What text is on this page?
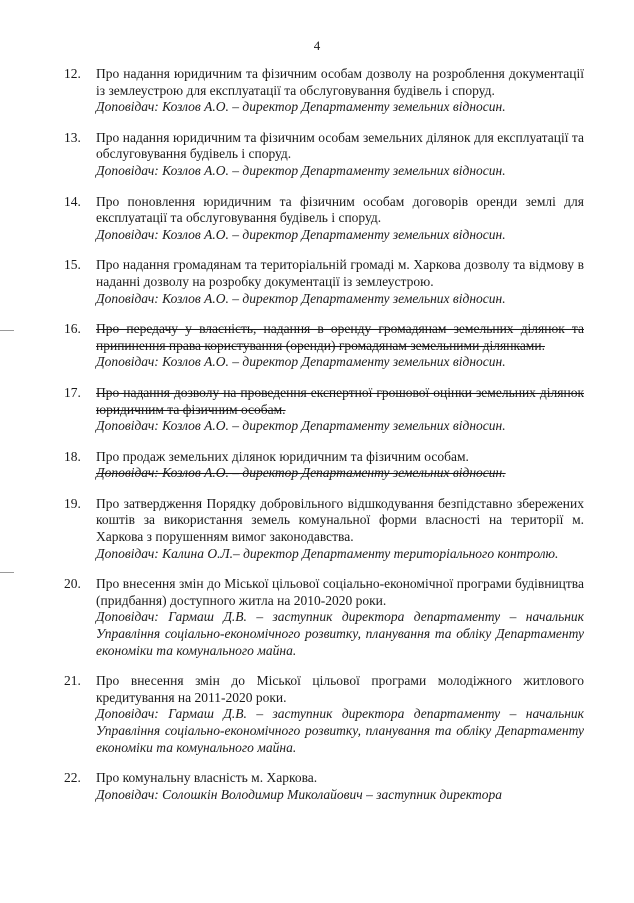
4
12.	Про надання юридичним та фізичним особам дозволу на розроблення документації із землеустрою для експлуатації та обслуговування будівель і споруд.
Доповідач: Козлов А.О. – директор Департаменту земельних відносин.
13.	Про надання юридичним та фізичним особам земельних ділянок для експлуатації та обслуговування будівель і споруд.
Доповідач: Козлов А.О. – директор Департаменту земельних відносин.
14.	Про поновлення юридичним та фізичним особам договорів оренди землі для експлуатації та обслуговування будівель і споруд.
Доповідач: Козлов А.О. – директор Департаменту земельних відносин.
15.	Про надання громадянам та територіальній громаді м. Харкова дозволу та відмову в наданні дозволу на розробку документації із землеустрою.
Доповідач: Козлов А.О. – директор Департаменту земельних відносин.
16.	Про передачу у власність, надання в оренду громадянам земельних ділянок та припинення права користування (оренди) громадянам земельними ділянками.
Доповідач: Козлов А.О. – директор Департаменту земельних відносин.
17.	Про надання дозволу на проведення експертної грошової оцінки земельних ділянок юридичним та фізичним особам.
Доповідач: Козлов А.О. – директор Департаменту земельних відносин.
18.	Про продаж земельних ділянок юридичним та фізичним особам.
Доповідач: Козлов А.О. – директор Департаменту земельних відносин.
19.	Про затвердження Порядку добровільного відшкодування безпідставно збережених коштів за використання земель комунальної форми власності на території м. Харкова з порушенням вимог законодавства.
Доповідач: Калина О.Л.– директор Департаменту територіального контролю.
20.	Про внесення змін до Міської цільової соціально-економічної програми будівництва (придбання) доступного житла на 2010-2020 роки.
Доповідач: Гармаш Д.В. – заступник директора департаменту – начальник Управління соціально-економічного розвитку, планування та обліку Департаменту економіки та комунального майна.
21.	Про внесення змін до Міської цільової програми молодіжного житлового кредитування на 2011-2020 роки.
Доповідач: Гармаш Д.В. – заступник директора департаменту – начальник Управління соціально-економічного розвитку, планування та обліку Департаменту економіки та комунального майна.
22.	Про комунальну власність м. Харкова.
Доповідач: Солошкін Володимир Миколайович – заступник директора
